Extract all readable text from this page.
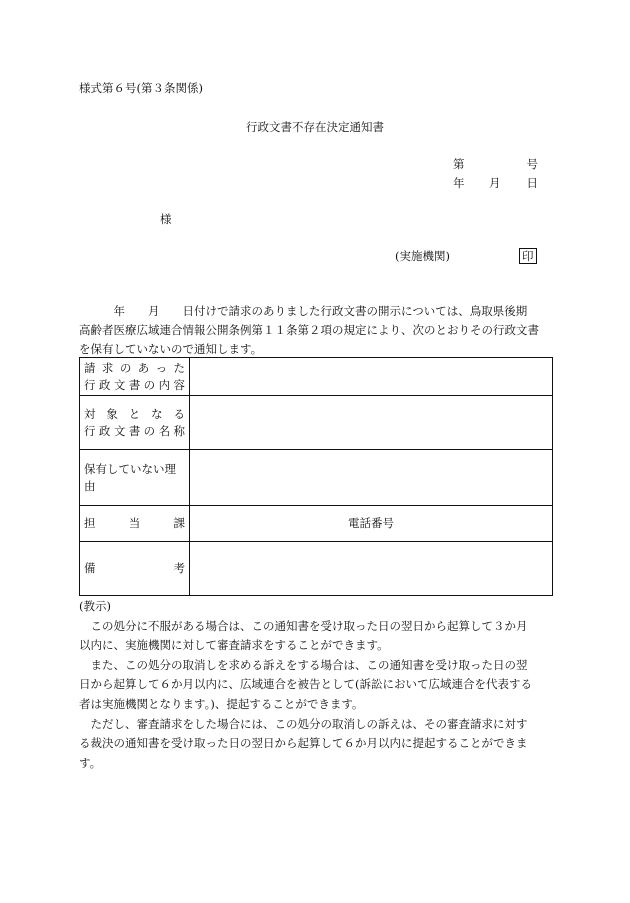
様式第６号(第３条関係)
行政文書不存在決定通知書
第	号
年 月 日
様
(実施機関)	印
　　　年　　月　　日付けで請求のありました行政文書の開示については、鳥取県後期
高齢者医療広域連合情報公開条例第１１条第２項の規定により、次のとおりその行政文書
を保有していないので通知します。
請求のあった
行政文書の内容	

対象となる
行政文書の名称	

保有していない理由	

担当課	電話番号

備考	

(教示)
　この処分に不服がある場合は、この通知書を受け取った日の翌日から起算して３か月
以内に、実施機関に対して審査請求をすることができます。
　また、この処分の取消しを求める訴えをする場合は、この通知書を受け取った日の翌
日から起算して６か月以内に、広域連合を被告として(訴訟において広域連合を代表する
者は実施機関となります。)、提起することができます。
　ただし、審査請求をした場合には、この処分の取消しの訴えは、その審査請求に対す
る裁決の通知書を受け取った日の翌日から起算して６か月以内に提起することができま
す。
